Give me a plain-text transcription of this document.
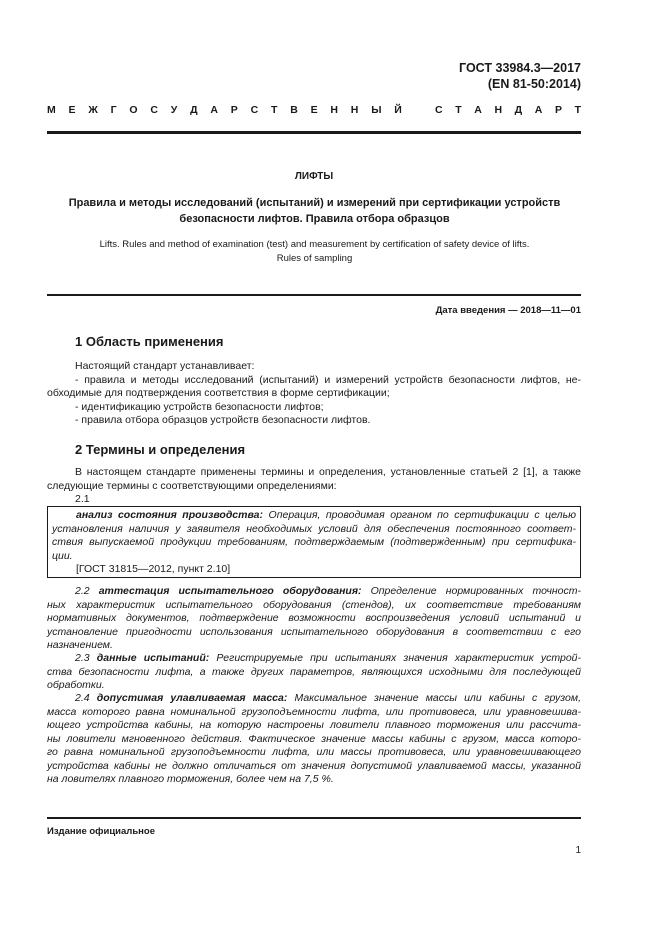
ГОСТ 33984.3—2017
(EN 81-50:2014)
М Е Ж Г О С У Д А Р С Т В Е Н Н Ы Й	С Т А Н Д А Р Т
ЛИФТЫ
Правила и методы исследований (испытаний) и измерений при сертификации устройств
безопасности лифтов. Правила отбора образцов
Lifts. Rules and method of examination (test) and measurement by certification of safety device of lifts.
Rules of sampling
Дата введения — 2018—11—01
1 Область применения
Настоящий стандарт устанавливает:
- правила и методы исследований (испытаний) и измерений устройств безопасности лифтов, не-
обходимые для подтверждения соответствия в форме сертификации;
- идентификацию устройств безопасности лифтов;
- правила отбора образцов устройств безопасности лифтов.
2 Термины и определения
В настоящем стандарте применены термины и определения, установленные статьей 2 [1], а также
следующие термины с соответствующими определениями:
2.1
анализ состояния производства: Операция, проводимая органом по сертификации с целью
установления наличия у заявителя необходимых условий для обеспечения постоянного соответ-
ствия выпускаемой продукции требованиям, подтверждаемым (подтвержденным) при сертифика-
ции.
[ГОСТ 31815—2012, пункт 2.10]
2.2 аттестация испытательного оборудования: Определение нормированных точност-
ных характеристик испытательного оборудования (стендов), их соответствие требованиям
нормативных документов, подтверждение возможности воспроизведения условий испытаний и
установление пригодности использования испытательного оборудования в соответствии с его
назначением.
2.3 данные испытаний: Регистрируемые при испытаниях значения характеристик устрой-
ства безопасности лифта, а также других параметров, являющихся исходными для последующей
обработки.
2.4 допустимая улавливаемая масса: Максимальное значение массы или кабины с грузом,
масса которого равна номинальной грузоподъемности лифта, или противовеса, или уравновешива-
ющего устройства кабины, на которую настроены ловители плавного торможения или рассчита-
ны ловители мгновенного действия. Фактическое значение массы кабины с грузом, масса которо-
го равна номинальной грузоподъемности лифта, или массы противовеса, или уравновешивающего
устройства кабины не должно отличаться от значения допустимой улавливаемой массы, указанной
на ловителях плавного торможения, более чем на 7,5 %.
Издание официальное
1
